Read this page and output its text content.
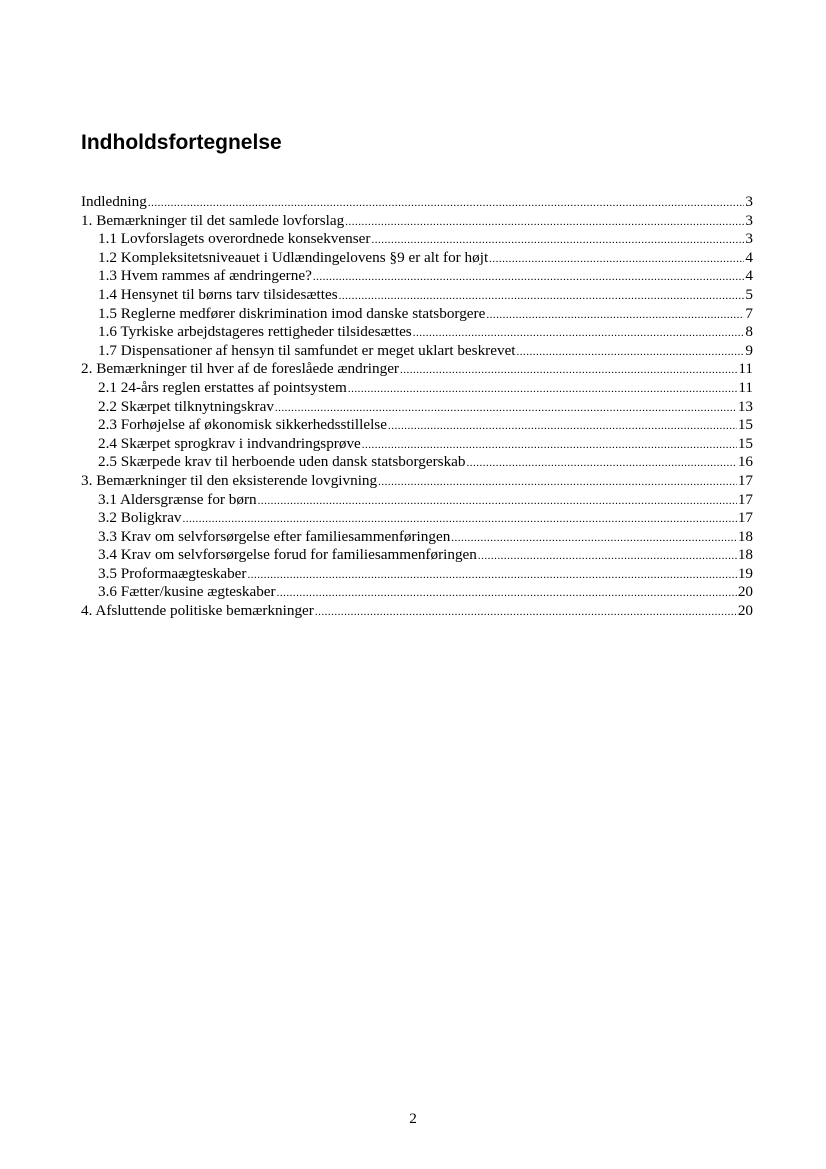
Indholdsfortegnelse
Indledning .....	3
1. Bemærkninger til det samlede lovforslag .....	3
1.1 Lovforslagets overordnede konsekvenser .....	3
1.2 Kompleksitetsniveauet i Udlændingelovens §9 er alt for højt .....	4
1.3 Hvem rammes af ændringerne? .....	4
1.4 Hensynet til børns tarv tilsidesættes .....	5
1.5 Reglerne medfører diskrimination imod danske statsborgere .....	7
1.6 Tyrkiske arbejdstageres rettigheder tilsidesættes .....	8
1.7 Dispensationer af hensyn til samfundet er meget uklart beskrevet .....	9
2. Bemærkninger til hver af de foreslåede ændringer .....	11
2.1 24-års reglen erstattes af pointsystem .....	11
2.2 Skærpet tilknytningskrav .....	13
2.3 Forhøjelse af økonomisk sikkerhedsstillelse .....	15
2.4 Skærpet sprogkrav i indvandringsprøve .....	15
2.5 Skærpede krav til herboende uden dansk statsborgerskab .....	16
3. Bemærkninger til den eksisterende lovgivning .....	17
3.1 Aldersgrænse for børn .....	17
3.2 Boligkrav .....	17
3.3 Krav om selvforsørgelse efter familiesammenføringen .....	18
3.4 Krav om selvforsørgelse forud for familiesammenføringen .....	18
3.5 Proformaægteskaber .....	19
3.6 Fætter/kusine ægteskaber .....	20
4. Afsluttende politiske bemærkninger .....	20
2
